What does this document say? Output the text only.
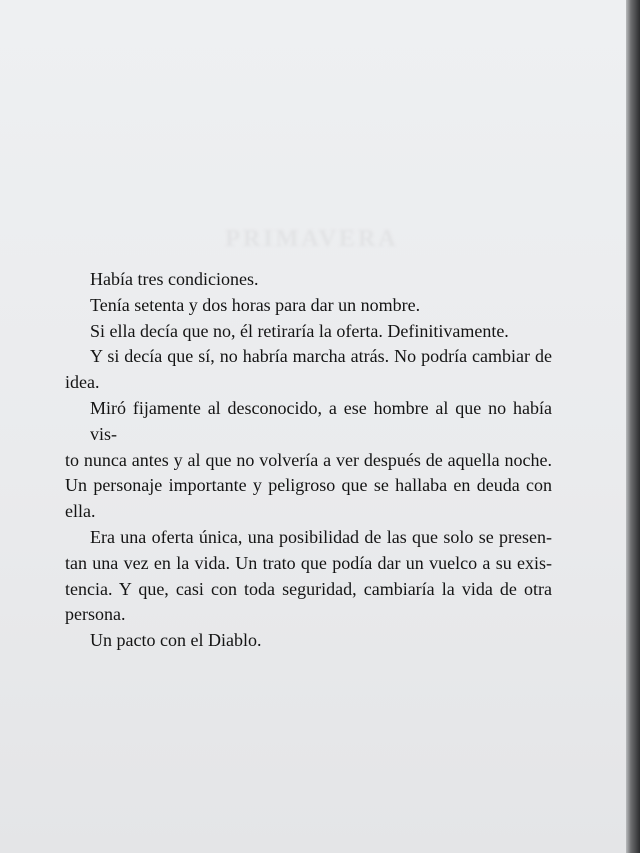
PRIMAVERA
Había tres condiciones.
Tenía setenta y dos horas para dar un nombre.
Si ella decía que no, él retiraría la oferta. Definitivamente.
Y si decía que sí, no habría marcha atrás. No podría cambiar de
idea.
Miró fijamente al desconocido, a ese hombre al que no había vis-
to nunca antes y al que no volvería a ver después de aquella noche.
Un personaje importante y peligroso que se hallaba en deuda con
ella.
Era una oferta única, una posibilidad de las que solo se presen-
tan una vez en la vida. Un trato que podía dar un vuelco a su exis-
tencia. Y que, casi con toda seguridad, cambiaría la vida de otra
persona.
Un pacto con el Diablo.
